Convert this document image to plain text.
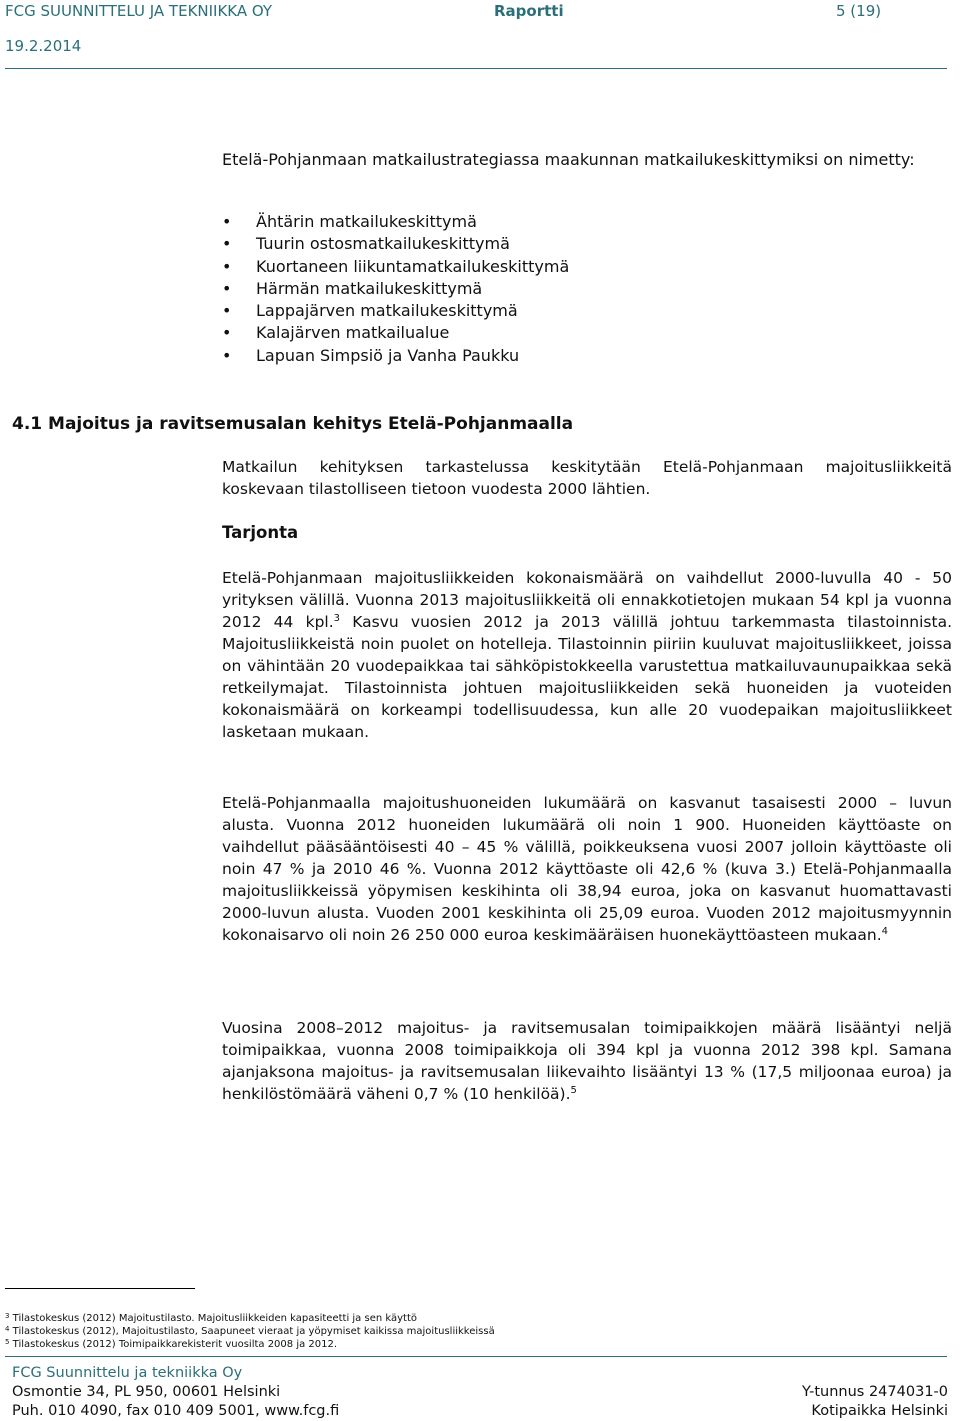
FCG SUUNNITTELU JA TEKNIIKKA OY	Raportti	5 (19)
19.2.2014
Etelä-Pohjanmaan matkailustrategiassa maakunnan matkailukeskittymiksi on nimetty:
• Ähtärin matkailukeskittymä
• Tuurin ostosmatkailukeskittymä
• Kuortaneen liikuntamatkailukeskittymä
• Härmän matkailukeskittymä
• Lappajärven matkailukeskittymä
• Kalajärven matkailualue
• Lapuan Simpsiö ja Vanha Paukku
4.1 Majoitus ja ravitsemusalan kehitys Etelä-Pohjanmaalla
Matkailun kehityksen tarkastelussa keskitytään Etelä-Pohjanmaan majoitusliikkeitä koskevaan tilastolliseen tietoon vuodesta 2000 lähtien.
Tarjonta
Etelä-Pohjanmaan majoitusliikkeiden kokonaismäärä on vaihdellut 2000-luvulla 40 - 50 yrityksen välillä. Vuonna 2013 majoitusliikkeitä oli ennakkotietojen mukaan 54 kpl ja vuonna 2012 44 kpl.$^3$ Kasvu vuosien 2012 ja 2013 välillä johtuu tarkemmasta tilastoinnista. Majoitusliikkeistä noin puolet on hotelleja. Tilastoinnin piiriin kuuluvat majoitusliikkeet, joissa on vähintään 20 vuodepaikkaa tai sähköpistokkeella varustettua matkailuvaunupaikkaa sekä retkeilymajat. Tilastoinnista johtuen majoitusliikkeiden sekä huoneiden ja vuoteiden kokonaismäärä on korkeampi todellisuudessa, kun alle 20 vuodepaikan majoitusliikkeet lasketaan mukaan.
Etelä-Pohjanmaalla majoitushuoneiden lukumäärä on kasvanut tasaisesti 2000 – luvun alusta. Vuonna 2012 huoneiden lukumäärä oli noin 1 900. Huoneiden käyttöaste on vaihdellut pääsääntöisesti 40 – 45 % välillä, poikkeuksena vuosi 2007 jolloin käyttöaste oli noin 47 % ja 2010 46 %. Vuonna 2012 käyttöaste oli 42,6 % (kuva 3.) Etelä-Pohjanmaalla majoitusliikkeissä yöpymisen keskihinta oli 38,94 euroa, joka on kasvanut huomattavasti 2000-luvun alusta. Vuoden 2001 keskihinta oli 25,09 euroa. Vuoden 2012 majoitusmyynnin kokonaisarvo oli noin 26 250 000 euroa keskimääräisen huonekäyttöasteen mukaan.$^4$
Vuosina 2008–2012 majoitus- ja ravitsemusalan toimipaikkojen määrä lisääntyi neljä toimipaikkaa, vuonna 2008 toimipaikkoja oli 394 kpl ja vuonna 2012 398 kpl. Samana ajanjaksona majoitus- ja ravitsemusalan liikevaihto lisääntyi 13 % (17,5 miljoonaa euroa) ja henkilöstömäärä väheni 0,7 % (10 henkilöä).$^5$
$^3$ Tilastokeskus (2012) Majoitustilasto. Majoitusliikkeiden kapasiteetti ja sen käyttö
$^4$ Tilastokeskus (2012), Majoitustilasto, Saapuneet vieraat ja yöpymiset kaikissa majoitusliikkeissä
$^5$ Tilastokeskus (2012) Toimipaikkarekisterit vuosilta 2008 ja 2012.
FCG Suunnittelu ja tekniikka Oy
Osmontie 34, PL 950, 00601 Helsinki
Puh. 010 4090, fax 010 409 5001, www.fcg.fi
Y-tunnus 2474031-0
Kotipaikka Helsinki
